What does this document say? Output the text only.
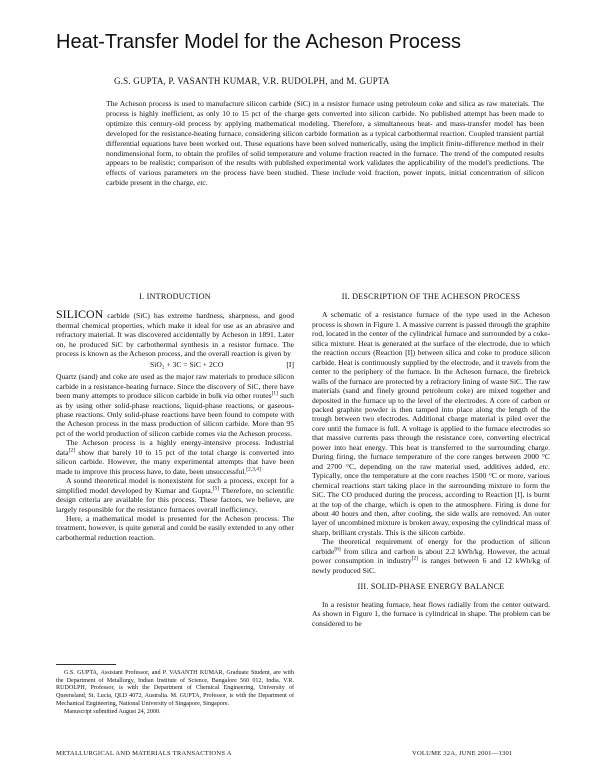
Heat-Transfer Model for the Acheson Process
G.S. GUPTA, P. VASANTH KUMAR, V.R. RUDOLPH, and M. GUPTA

The Acheson process is used to manufacture silicon carbide (SiC) in a resistor furnace using petroleum coke and silica as raw materials. The process is highly inefficient, as only 10 to 15 pct of the charge gets converted into silicon carbide. No published attempt has been made to optimize this century-old process by applying mathematical modeling. Therefore, a simultaneous heat- and mass-transfer model has been developed for the resistance-heating furnace, considering silicon carbide formation as a typical carbothermal reaction. Coupled transient partial differential equations have been worked out. These equations have been solved numerically, using the implicit finite-difference method in their nondimensional form, to obtain the profiles of solid temperature and volume fraction reacted in the furnace. The trend of the computed results appears to be realistic; comparison of the results with published experimental work validates the applicability of the model's predictions. The effects of various parameters on the process have been studied. These include void fraction, power inputs, initial concentration of silicon carbide present in the charge, etc.

I. INTRODUCTION

SILICON carbide (SiC) has extreme hardness, sharpness, and good thermal chemical properties, which make it ideal for use as an abrasive and refractory material. It was discovered accidentally by Acheson in 1891. Later on, he produced SiC by carbothermal synthesis in a resistor furnace. The process is known as the Acheson process, and the overall reaction is given by

SiO₂ + 3C = SiC + 2CO	[I]

Quartz (sand) and coke are used as the major raw materials to produce silicon carbide in a resistance-heating furnace. Since the discovery of SiC, there have been many attempts to produce silicon carbide in bulk via other routes[1] such as by using other solid-phase reactions, liquid-phase reactions, or gaseous-phase reactions. Only solid-phase reactions have been found to compete with the Acheson process in the mass production of silicon carbide. More than 95 pct of the world production of silicon carbide comes via the Acheson process.

The Acheson process is a highly energy-intensive process. Industrial data[2] show that barely 10 to 15 pct of the total charge is converted into silicon carbide. However, the many experimental attempts that have been made to improve this process have, to date, been unsuccessful.[2,3,4]

A sound theoretical model is nonexistent for such a process, except for a simplified model developed by Kumar and Gupta.[5] Therefore, no scientific design criteria are available for this process. These factors, we believe, are largely responsible for the resistance furnaces overall inefficiency.

Here, a mathematical model is presented for the Acheson process. The treatment, however, is quite general and could be easily extended to any other carbothermal reduction reaction.

G.S. GUPTA, Assistant Professor, and P. VASANTH KUMAR, Graduate Student, are with the Department of Metallurgy, Indian Institute of Science, Bangalore 560 012, India. V.R. RUDOLPH, Professor, is with the Department of Chemical Engineering, University of Queensland, St. Lucia, QLD 4072, Australia. M. GUPTA, Professor, is with the Department of Mechanical Engineering, National University of Singapore, Singapore.

Manuscript submitted August 24, 2000.

II. DESCRIPTION OF THE ACHESON PROCESS

A schematic of a resistance furnace of the type used in the Acheson process is shown in Figure 1. A massive current is passed through the graphite rod, located in the center of the cylindrical furnace and surrounded by a coke-silica mixture. Heat is generated at the surface of the electrode, due to which the reaction occurs (Reaction [I]) between silica and coke to produce silicon carbide. Heat is continuously supplied by the electrode, and it travels from the center to the periphery of the furnace. In the Acheson furnace, the firebrick walls of the furnace are protected by a refractory lining of waste SiC. The raw materials (sand and finely ground petroleum coke) are mixed together and deposited in the furnace up to the level of the electrodes. A core of carbon or packed graphite powder is then tamped into place along the length of the trough between two electrodes. Additional charge material is piled over the core until the furnace is full. A voltage is applied to the furnace electrodes so that massive currents pass through the resistance core, converting electrical power into heat energy. This heat is transferred to the surrounding charge. During firing, the furnace temperature of the core ranges between 2000 °C and 2700 °C, depending on the raw material used, additives added, etc. Typically, once the temperature at the core reaches 1500 °C or more, various chemical reactions start taking place in the surrounding mixture to form the SiC. The CO produced during the process, according to Reaction [I], is burnt at the top of the charge, which is open to the atmosphere. Firing is done for about 40 hours and then, after cooling, the side walls are removed. An outer layer of uncombined mixture is broken away, exposing the cylindrical mass of sharp, brilliant crystals. This is the silicon carbide.

The theoretical requirement of energy for the production of silicon carbide[6] from silica and carbon is about 2.2 kWh/kg. However, the actual power consumption in industry[2] is ranges between 6 and 12 kWh/kg of newly produced SiC.

III. SOLID-PHASE ENERGY BALANCE

In a resistor heating furnace, heat flows radially from the center outward. As shown in Figure 1, the furnace is cylindrical in shape. The problem can be considered to be

METALLURGICAL AND MATERIALS TRANSACTIONS A	VOLUME 32A, JUNE 2001—1301
